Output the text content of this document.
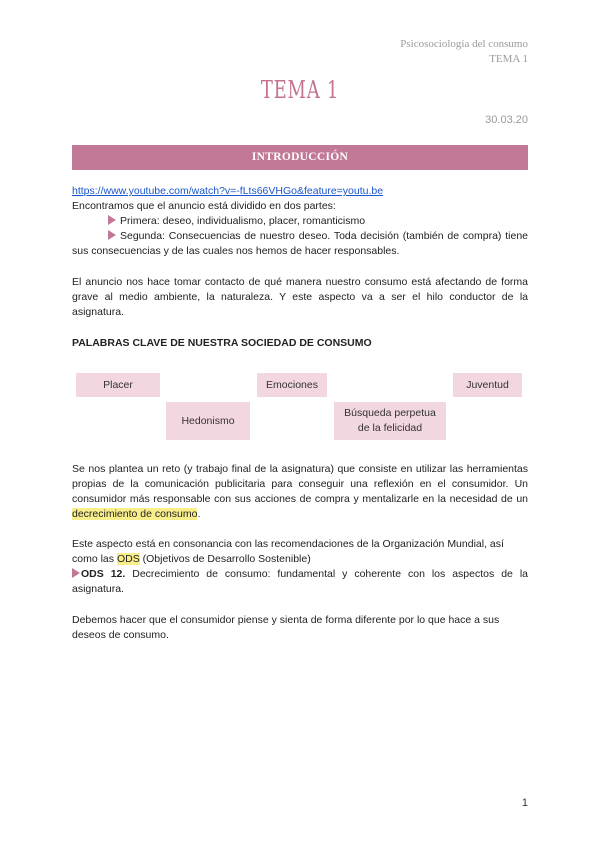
Psicosociología del consumo
TEMA 1
TEMA 1
30.03.20
INTRODUCCIÓN
https://www.youtube.com/watch?v=-fLts66VHGo&feature=youtu.be
Encontramos que el anuncio está dividido en dos partes:
Primera: deseo, individualismo, placer, romanticismo
Segunda: Consecuencias de nuestro deseo. Toda decisión (también de compra) tiene sus consecuencias y de las cuales nos hemos de hacer responsables.

El anuncio nos hace tomar contacto de qué manera nuestro consumo está afectando de forma grave al medio ambiente, la naturaleza. Y este aspecto va a ser el hilo conductor de la asignatura.

PALABRAS CLAVE DE NUESTRA SOCIEDAD DE CONSUMO
Placer	Emociones	Juventud
Hedonismo
Búsqueda perpetua
de la felicidad

Se nos plantea un reto (y trabajo final de la asignatura) que consiste en utilizar las herramientas propias de la comunicación publicitaria para conseguir una reflexión en el consumidor. Un consumidor más responsable con sus acciones de compra y mentalizarle en la necesidad de un decrecimiento de consumo.

Este aspecto está en consonancia con las recomendaciones de la Organización Mundial, así como las ODS (Objetivos de Desarrollo Sostenible)

ODS 12. Decrecimiento de consumo: fundamental y coherente con los aspectos de la asignatura.

Debemos hacer que el consumidor piense y sienta de forma diferente por lo que hace a sus deseos de consumo.

1
